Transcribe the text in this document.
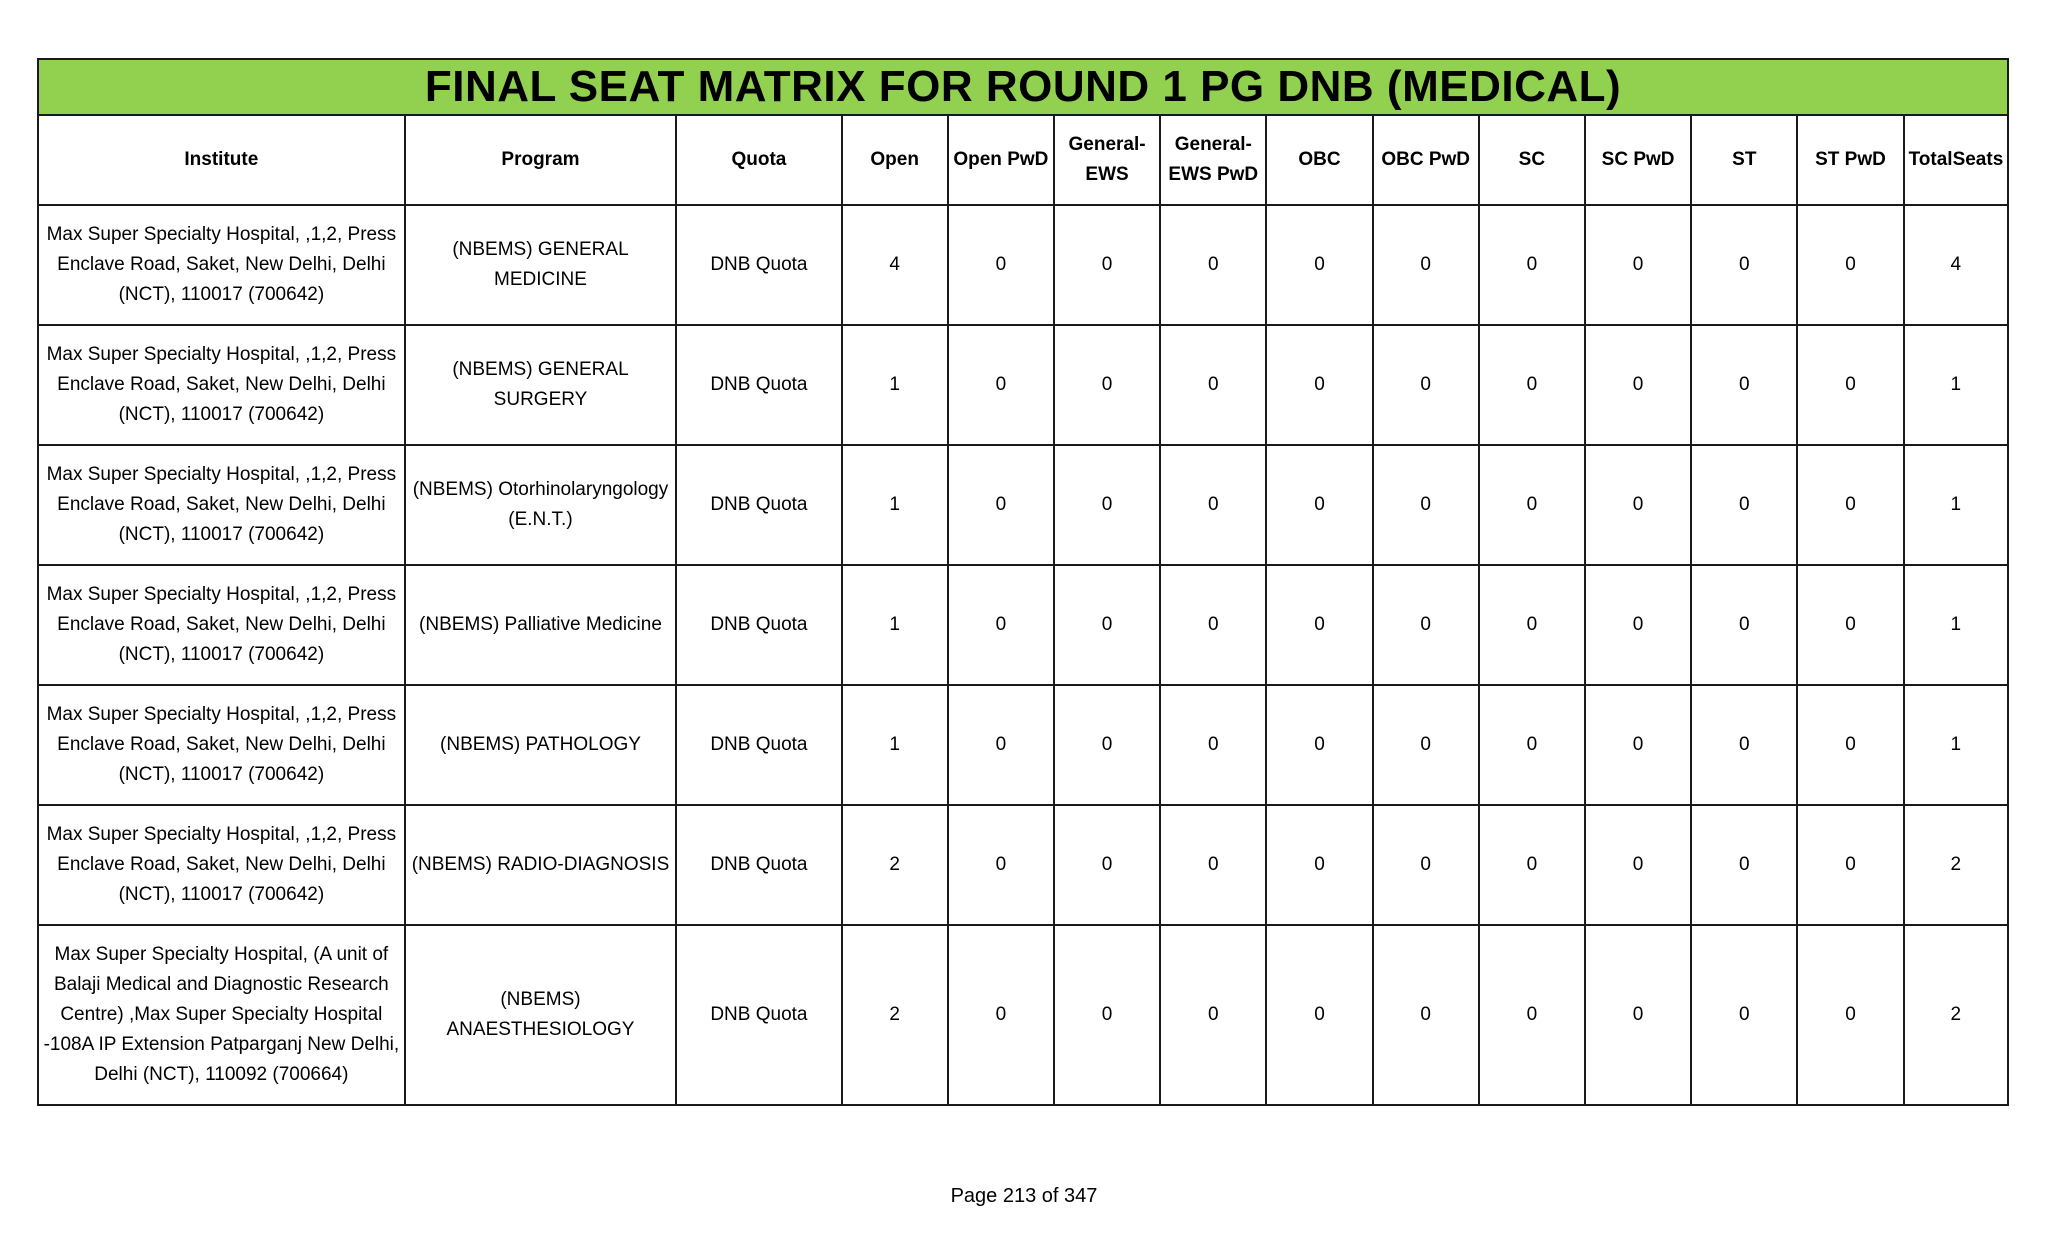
FINAL SEAT MATRIX FOR ROUND 1 PG DNB (MEDICAL)													
Institute	Program	Quota	Open	Open PwD	General-EWS	General-EWS PwD	OBC	OBC PwD	SC	SC PwD	ST	ST PwD	TotalSeats
Max Super Specialty Hospital, ,1,2, Press Enclave Road, Saket, New Delhi, Delhi (NCT), 110017 (700642)	(NBEMS) GENERAL MEDICINE	DNB Quota	4	0	0	0	0	0	0	0	0	0	4
Max Super Specialty Hospital, ,1,2, Press Enclave Road, Saket, New Delhi, Delhi (NCT), 110017 (700642)	(NBEMS) GENERAL SURGERY	DNB Quota	1	0	0	0	0	0	0	0	0	0	1
Max Super Specialty Hospital, ,1,2, Press Enclave Road, Saket, New Delhi, Delhi (NCT), 110017 (700642)	(NBEMS) Otorhinolaryngology (E.N.T.)	DNB Quota	1	0	0	0	0	0	0	0	0	0	1
Max Super Specialty Hospital, ,1,2, Press Enclave Road, Saket, New Delhi, Delhi (NCT), 110017 (700642)	(NBEMS) Palliative Medicine	DNB Quota	1	0	0	0	0	0	0	0	0	0	1
Max Super Specialty Hospital, ,1,2, Press Enclave Road, Saket, New Delhi, Delhi (NCT), 110017 (700642)	(NBEMS) PATHOLOGY	DNB Quota	1	0	0	0	0	0	0	0	0	0	1
Max Super Specialty Hospital, ,1,2, Press Enclave Road, Saket, New Delhi, Delhi (NCT), 110017 (700642)	(NBEMS) RADIO-DIAGNOSIS	DNB Quota	2	0	0	0	0	0	0	0	0	0	2
Max Super Specialty Hospital, (A unit of Balaji Medical and Diagnostic Research Centre) ,Max Super Specialty Hospital -108A IP Extension Patparganj New Delhi, Delhi (NCT), 110092 (700664)	(NBEMS) ANAESTHESIOLOGY	DNB Quota	2	0	0	0	0	0	0	0	0	0	2
Page 213 of 347
